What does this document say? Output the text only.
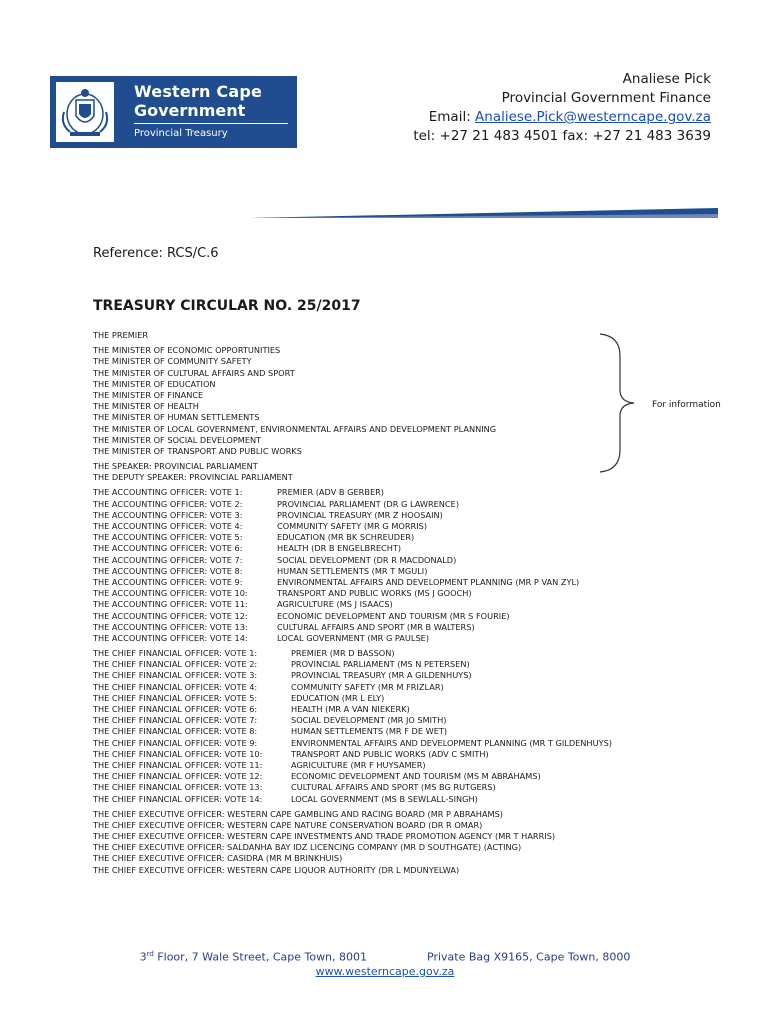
Western Cape
Government
Provincial Treasury
Analiese Pick
Provincial Government Finance
Email: Analiese.Pick@westerncape.gov.za
tel: +27 21 483 4501 fax: +27 21 483 3639
Reference: RCS/C.6
TREASURY CIRCULAR NO. 25/2017
THE PREMIER
THE MINISTER OF ECONOMIC OPPORTUNITIES
THE MINISTER OF COMMUNITY SAFETY
THE MINISTER OF CULTURAL AFFAIRS AND SPORT
THE MINISTER OF EDUCATION
THE MINISTER OF FINANCE
THE MINISTER OF HEALTH
THE MINISTER OF HUMAN SETTLEMENTS
THE MINISTER OF LOCAL GOVERNMENT, ENVIRONMENTAL AFFAIRS AND DEVELOPMENT PLANNING
THE MINISTER OF SOCIAL DEVELOPMENT
THE MINISTER OF TRANSPORT AND PUBLIC WORKS
THE SPEAKER: PROVINCIAL PARLIAMENT
THE DEPUTY SPEAKER: PROVINCIAL PARLIAMENT
THE ACCOUNTING OFFICER: VOTE 1:	PREMIER (ADV B GERBER)
THE ACCOUNTING OFFICER: VOTE 2:	PROVINCIAL PARLIAMENT (DR G LAWRENCE)
THE ACCOUNTING OFFICER: VOTE 3:	PROVINCIAL TREASURY (MR Z HOOSAIN)
THE ACCOUNTING OFFICER: VOTE 4:	COMMUNITY SAFETY (MR G MORRIS)
THE ACCOUNTING OFFICER: VOTE 5:	EDUCATION (MR BK SCHREUDER)
THE ACCOUNTING OFFICER: VOTE 6:	HEALTH (DR B ENGELBRECHT)
THE ACCOUNTING OFFICER: VOTE 7:	SOCIAL DEVELOPMENT (DR R MACDONALD)
THE ACCOUNTING OFFICER: VOTE 8:	HUMAN SETTLEMENTS (MR T MGULI)
THE ACCOUNTING OFFICER: VOTE 9:	ENVIRONMENTAL AFFAIRS AND DEVELOPMENT PLANNING (MR P VAN ZYL)
THE ACCOUNTING OFFICER: VOTE 10:	TRANSPORT AND PUBLIC WORKS (MS J GOOCH)
THE ACCOUNTING OFFICER: VOTE 11:	AGRICULTURE (MS J ISAACS)
THE ACCOUNTING OFFICER: VOTE 12:	ECONOMIC DEVELOPMENT AND TOURISM (MR S FOURIE)
THE ACCOUNTING OFFICER: VOTE 13:	CULTURAL AFFAIRS AND SPORT (MR B WALTERS)
THE ACCOUNTING OFFICER: VOTE 14:	LOCAL GOVERNMENT (MR G PAULSE)
THE CHIEF FINANCIAL OFFICER: VOTE 1:	PREMIER (MR D BASSON)
THE CHIEF FINANCIAL OFFICER: VOTE 2:	PROVINCIAL PARLIAMENT (MS N PETERSEN)
THE CHIEF FINANCIAL OFFICER: VOTE 3:	PROVINCIAL TREASURY (MR A GILDENHUYS)
THE CHIEF FINANCIAL OFFICER: VOTE 4:	COMMUNITY SAFETY (MR M FRIZLAR)
THE CHIEF FINANCIAL OFFICER: VOTE 5:	EDUCATION (MR L ELY)
THE CHIEF FINANCIAL OFFICER: VOTE 6:	HEALTH (MR A VAN NIEKERK)
THE CHIEF FINANCIAL OFFICER: VOTE 7:	SOCIAL DEVELOPMENT (MR JO SMITH)
THE CHIEF FINANCIAL OFFICER: VOTE 8:	HUMAN SETTLEMENTS (MR F DE WET)
THE CHIEF FINANCIAL OFFICER: VOTE 9:	ENVIRONMENTAL AFFAIRS AND DEVELOPMENT PLANNING (MR T GILDENHUYS)
THE CHIEF FINANCIAL OFFICER: VOTE 10:	TRANSPORT AND PUBLIC WORKS (ADV C SMITH)
THE CHIEF FINANCIAL OFFICER: VOTE 11:	AGRICULTURE (MR F HUYSAMER)
THE CHIEF FINANCIAL OFFICER: VOTE 12:	ECONOMIC DEVELOPMENT AND TOURISM (MS M ABRAHAMS)
THE CHIEF FINANCIAL OFFICER: VOTE 13:	CULTURAL AFFAIRS AND SPORT (MS BG RUTGERS)
THE CHIEF FINANCIAL OFFICER: VOTE 14:	LOCAL GOVERNMENT (MS B SEWLALL-SINGH)
THE CHIEF EXECUTIVE OFFICER: WESTERN CAPE GAMBLING AND RACING BOARD (MR P ABRAHAMS)
THE CHIEF EXECUTIVE OFFICER: WESTERN CAPE NATURE CONSERVATION BOARD (DR R OMAR)
THE CHIEF EXECUTIVE OFFICER: WESTERN CAPE INVESTMENTS AND TRADE PROMOTION AGENCY (MR T HARRIS)
THE CHIEF EXECUTIVE OFFICER: SALDANHA BAY IDZ LICENCING COMPANY (MR D SOUTHGATE) (ACTING)
THE CHIEF EXECUTIVE OFFICER: CASIDRA (MR M BRINKHUIS)
THE CHIEF EXECUTIVE OFFICER: WESTERN CAPE LIQUOR AUTHORITY (DR L MDUNYELWA)
For information
3rd Floor, 7 Wale Street, Cape Town, 8001	Private Bag X9165, Cape Town, 8000
www.westerncape.gov.za
